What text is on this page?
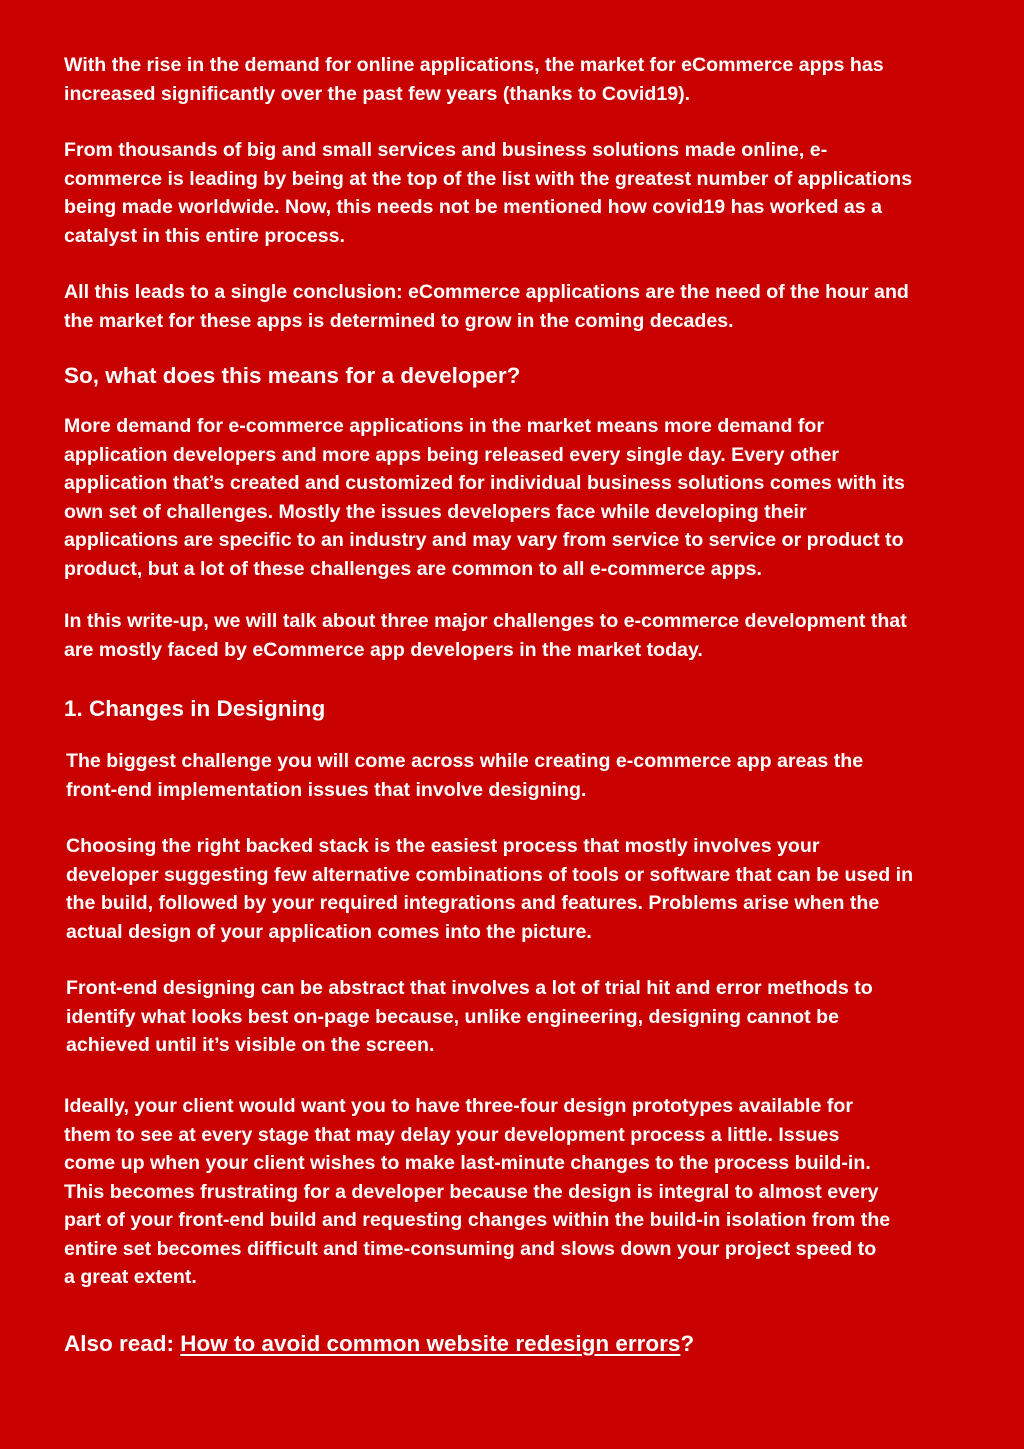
With the rise in the demand for online applications, the market for eCommerce apps has
increased significantly over the past few years (thanks to Covid19).

From thousands of big and small services and business solutions made online, e-
commerce is leading by being at the top of the list with the greatest number of applications
being made worldwide. Now, this needs not be mentioned how covid19 has worked as a
catalyst in this entire process.

All this leads to a single conclusion: eCommerce applications are the need of the hour and
the market for these apps is determined to grow in the coming decades.

So, what does this means for a developer?

More demand for e-commerce applications in the market means more demand for
application developers and more apps being released every single day. Every other
application that’s created and customized for individual business solutions comes with its
own set of challenges. Mostly the issues developers face while developing their
applications are specific to an industry and may vary from service to service or product to
product, but a lot of these challenges are common to all e-commerce apps.

In this write-up, we will talk about three major challenges to e-commerce development that
are mostly faced by eCommerce app developers in the market today.

1. Changes in Designing

The biggest challenge you will come across while creating e-commerce app areas the
front-end implementation issues that involve designing.

Choosing the right backed stack is the easiest process that mostly involves your
developer suggesting few alternative combinations of tools or software that can be used in
the build, followed by your required integrations and features. Problems arise when the
actual design of your application comes into the picture.

Front-end designing can be abstract that involves a lot of trial hit and error methods to
identify what looks best on-page because, unlike engineering, designing cannot be
achieved until it’s visible on the screen.

Ideally, your client would want you to have three-four design prototypes available for
them to see at every stage that may delay your development process a little. Issues
come up when your client wishes to make last-minute changes to the process build-in.
This becomes frustrating for a developer because the design is integral to almost every
part of your front-end build and requesting changes within the build-in isolation from the
entire set becomes difficult and time-consuming and slows down your project speed to
a great extent.

Also read: How to avoid common website redesign errors?
